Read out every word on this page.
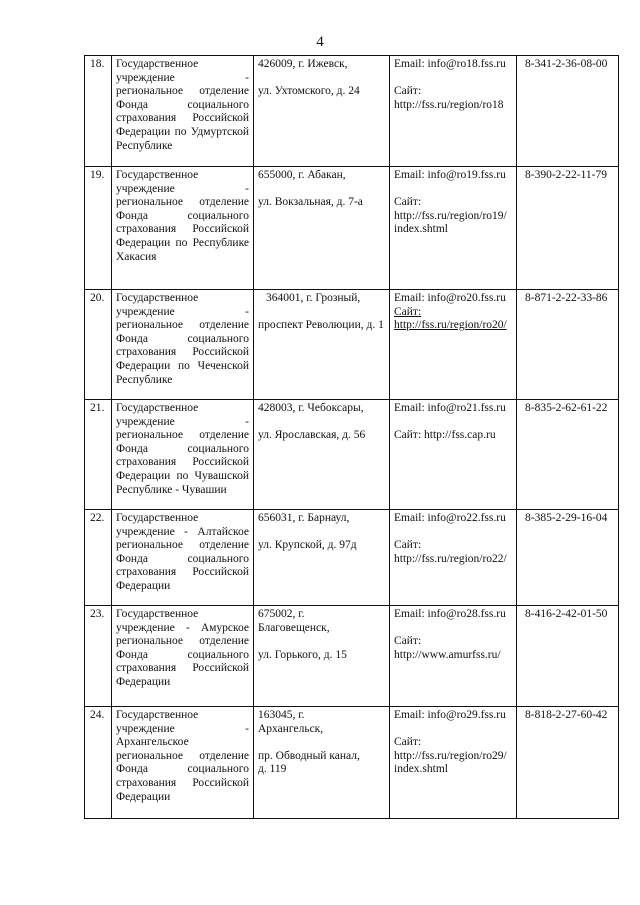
4
18.	Государственное учреждение - региональное отделение Фонда социального страхования Российской Федерации по Удмуртской Республике	426009, г. Ижевск,
ул. Ухтомского, д. 24	Email: info@ro18.fss.ru
Сайт:
http://fss.ru/region/ro18	8-341-2-36-08-00
19.	Государственное учреждение - региональное отделение Фонда социального страхования Российской Федерации по Республике Хакасия	655000, г. Абакан,
ул. Вокзальная, д. 7-а	Email: info@ro19.fss.ru
Сайт:
http://fss.ru/region/ro19/ index.shtml	8-390-2-22-11-79
20.	Государственное учреждение - региональное отделение Фонда социального страхования Российской Федерации по Чеченской Республике	364001, г. Грозный,
проспект Революции, д. 1	Email: info@ro20.fss.ru
Сайт:
http://fss.ru/region/ro20/	8-871-2-22-33-86
21.	Государственное учреждение - региональное отделение Фонда социального страхования Российской Федерации по Чувашской Республике - Чувашии	428003, г. Чебоксары,
ул. Ярославская, д. 56	Email: info@ro21.fss.ru
Сайт: http://fss.cap.ru	8-835-2-62-61-22
22.	Государственное учреждение - Алтайское региональное отделение Фонда социального страхования Российской Федерации	656031, г. Барнаул,
ул. Крупской, д. 97д	Email: info@ro22.fss.ru
Сайт:
http://fss.ru/region/ro22/	8-385-2-29-16-04
23.	Государственное учреждение - Амурское региональное отделение Фонда социального страхования Российской Федерации	675002, г. Благовещенск,
ул. Горького, д. 15	Email: info@ro28.fss.ru
Сайт:
http://www.amurfss.ru/	8-416-2-42-01-50
24.	Государственное учреждение - Архангельское региональное отделение Фонда социального страхования Российской Федерации	163045, г. Архангельск,
пр. Обводный канал, д. 119	Email: info@ro29.fss.ru
Сайт:
http://fss.ru/region/ro29/ index.shtml	8-818-2-27-60-42
